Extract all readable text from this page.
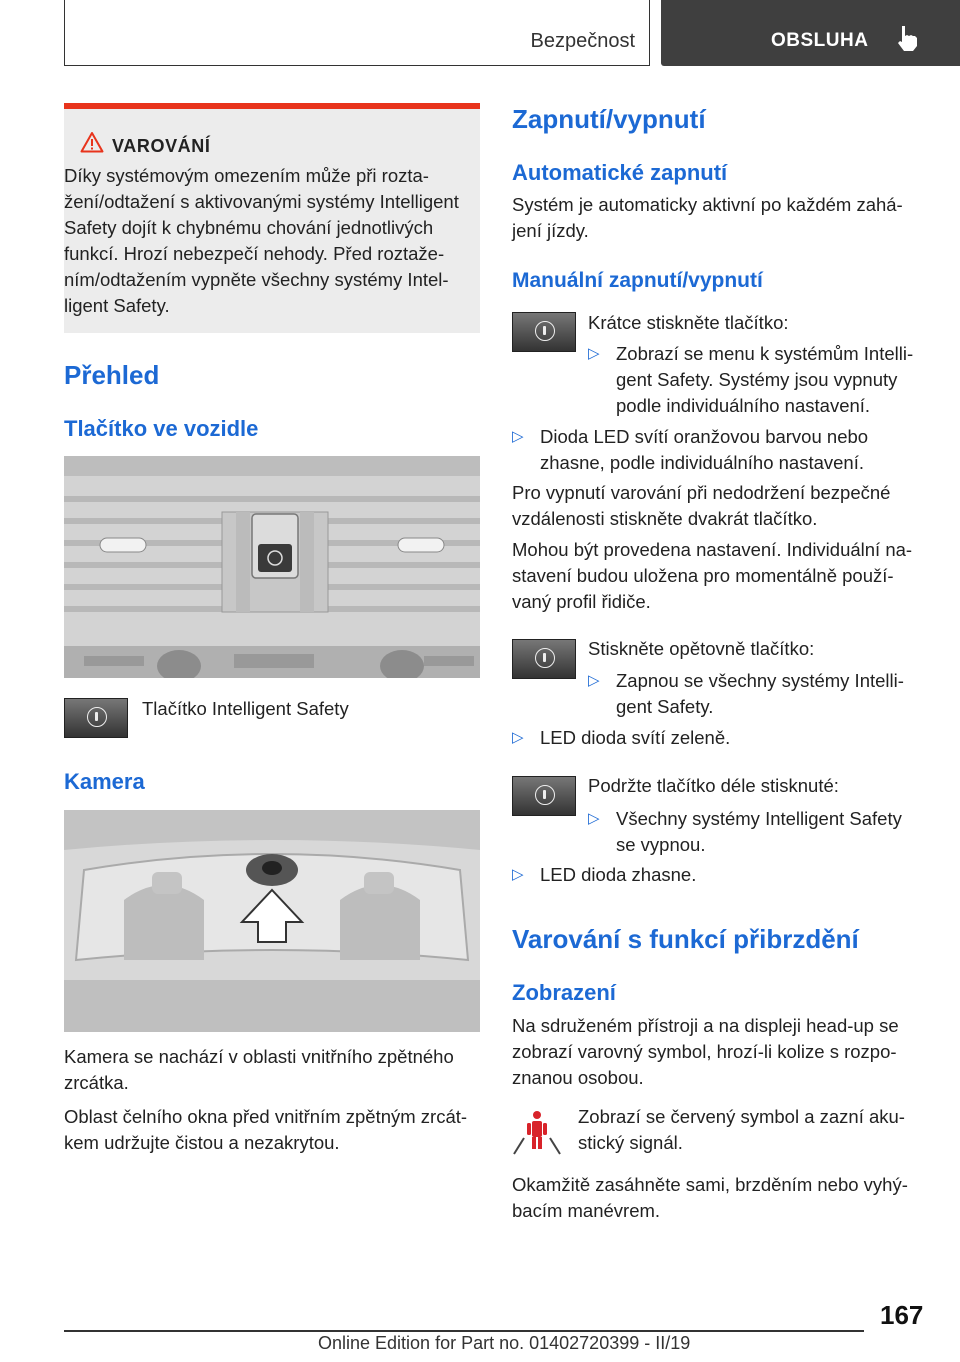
Bezpečnost	OBSLUHA
VAROVÁNÍ
Díky systémovým omezením může při rozta‐
žení/odtažení s aktivovanými systémy Intelligent
Safety dojít k chybnému chování jednotlivých
funkcí. Hrozí nebezpečí nehody. Před roztaže‐
ním/odtažením vypněte všechny systémy Intel‐
ligent Safety.
Přehled
Tlačítko ve vozidle
Tlačítko Intelligent Safety
Kamera
Kamera se nachází v oblasti vnitřního zpětného
zrcátka.
Oblast čelního okna před vnitřním zpětným zrcát‐
kem udržujte čistou a nezakrytou.
Zapnutí/vypnutí
Automatické zapnutí
Systém je automaticky aktivní po každém zahá‐
jení jízdy.
Manuální zapnutí/vypnutí
Krátce stiskněte tlačítko:
▷ Zobrazí se menu k systémům Intelli‐
gent Safety. Systémy jsou vypnuty
podle individuálního nastavení.
▷ Dioda LED svítí oranžovou barvou nebo
zhasne, podle individuálního nastavení.
Pro vypnutí varování při nedodržení bezpečné
vzdálenosti stiskněte dvakrát tlačítko.
Mohou být provedena nastavení. Individuální na‐
stavení budou uložena pro momentálně použí‐
vaný profil řidiče.
Stiskněte opětovně tlačítko:
▷ Zapnou se všechny systémy Intelli‐
gent Safety.
▷ LED dioda svítí zeleně.
Podržte tlačítko déle stisknuté:
▷ Všechny systémy Intelligent Safety
se vypnou.
▷ LED dioda zhasne.
Varování s funkcí přibrzdění
Zobrazení
Na sdruženém přístroji a na displeji head-up se
zobrazí varovný symbol, hrozí-li kolize s rozpo‐
znanou osobou.
Zobrazí se červený symbol a zazní aku‐
stický signál.
Okamžitě zasáhněte sami, brzděním nebo vyhý‐
bacím manévrem.
167
Online Edition for Part no. 01402720399 - II/19
